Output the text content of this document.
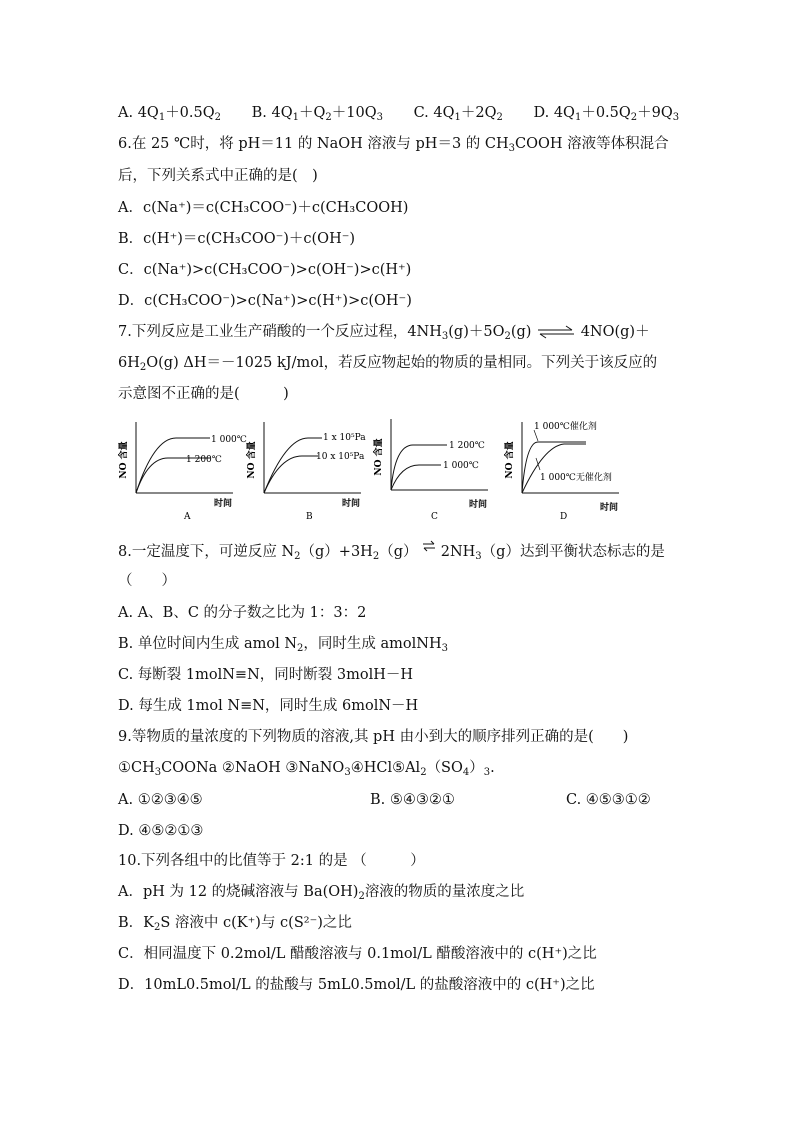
A. $4Q_1+0.5Q_2$ B. $4Q_1+Q_2+10Q_3$ C. $4Q_1+2Q_2$ D. $4Q_1+0.5Q_2+9Q_3$
6.在 25 ℃时，将 pH＝11 的 NaOH 溶液与 pH＝3 的 $CH_3COOH$ 溶液等体积混合
后，下列关系式中正确的是(　)
A．c(Na⁺)＝c(CH₃COO⁻)＋c(CH₃COOH)
B．c(H⁺)＝c(CH₃COO⁻)＋c(OH⁻)
C．c(Na⁺)>c(CH₃COO⁻)>c(OH⁻)>c(H⁺)
D．c(CH₃COO⁻)>c(Na⁺)>c(H⁺)>c(OH⁻)
7.下列反应是工业生产硝酸的一个反应过程，$4NH_3(g)+5O_2(g)$ ⇌ 4NO(g)＋
$6H_2O(g)$ ΔH＝－1025 kJ/mol，若反应物起始的物质的量相同。下列关于该反应的
示意图不正确的是(　　　)
NO 含量
1 000℃
1 200℃
时间
A
NO 含量
1 x 10⁵Pa
10 x 10⁵Pa
时间
B
NO 含量	1 200℃
1 000℃
时间
C
NO 含量
1 000℃催化剂
1 000℃无催化剂
时间
D
8.一定温度下，可逆反应 $N_2(g)+3H_2(g)$ ⇌ $2NH_3(g)$达到平衡状态标志的是
（　　）
A. A、B、C 的分子数之比为 1：3：2
B. 单位时间内生成 amol $N_2$，同时生成 amolNH$_3$
C. 每断裂 1molN≡N，同时断裂 3molH－H
D. 每生成 1mol N≡N，同时生成 6molN－H
9.等物质的量浓度的下列物质的溶液,其 pH 由小到大的顺序排列正确的是(　　)
$①CH_3COONa$ ②NaOH $③NaNO_3④HCl⑤Al_2(SO_4)_3$.
A. ①②③④⑤	B. ⑤④③②①	C. ④⑤③①②
D. ④⑤②①③
10.下列各组中的比值等于 2:1 的是 （　　　）
A．pH 为 12 的烧碱溶液与 $Ba(OH)_2$溶液的物质的量浓度之比
B．$K_2S$ 溶液中 c(K⁺)与 c(S²⁻)之比
C．相同温度下 0.2mol/L 醋酸溶液与 0.1mol/L 醋酸溶液中的 c(H⁺)之比
D．10mL0.5mol/L 的盐酸与 5mL0.5mol/L 的盐酸溶液中的 c(H⁺)之比
